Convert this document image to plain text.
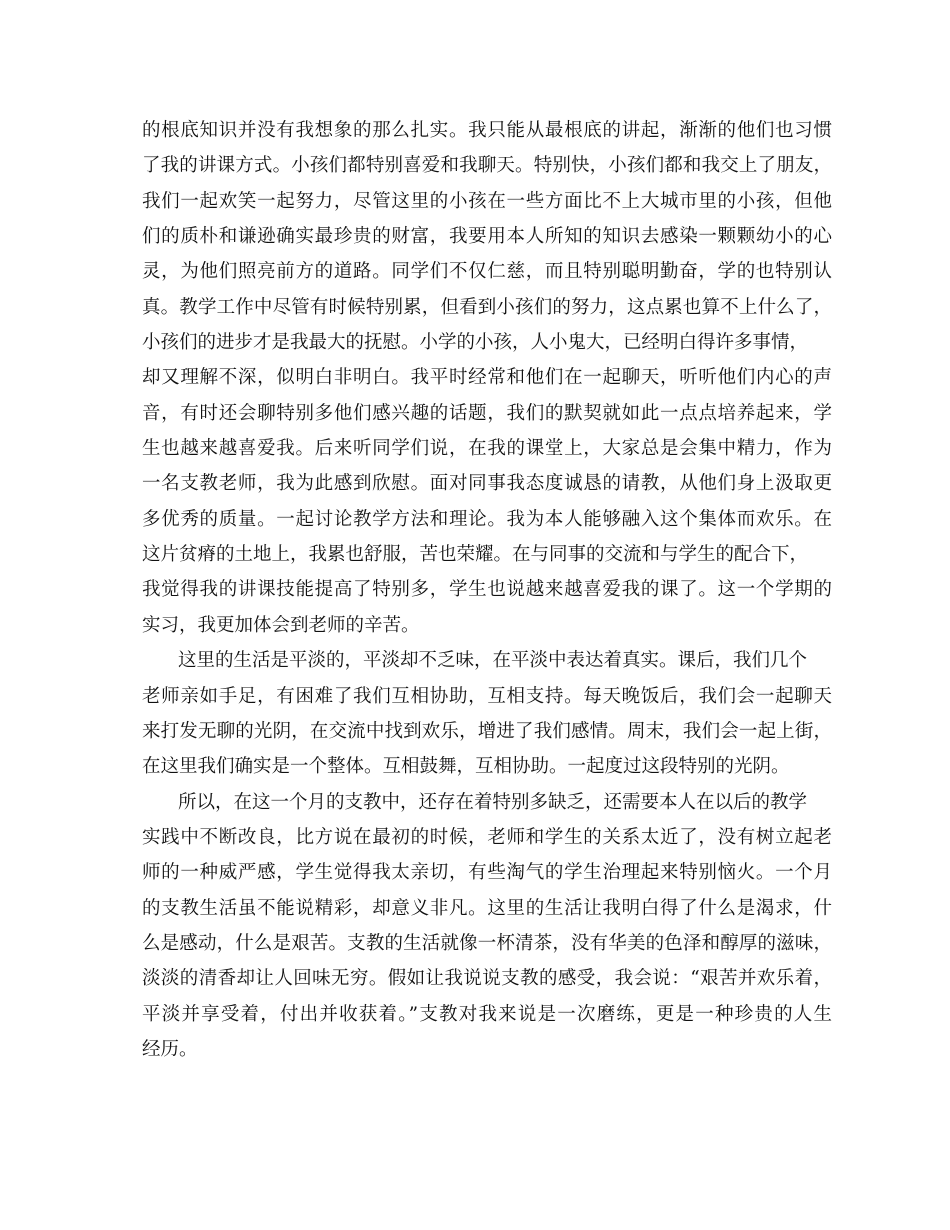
的根底知识并没有我想象的那么扎实。我只能从最根底的讲起，渐渐的他们也习惯
了我的讲课方式。小孩们都特别喜爱和我聊天。特别快，小孩们都和我交上了朋友，
我们一起欢笑一起努力，尽管这里的小孩在一些方面比不上大城市里的小孩，但他
们的质朴和谦逊确实最珍贵的财富，我要用本人所知的知识去感染一颗颗幼小的心
灵，为他们照亮前方的道路。同学们不仅仁慈，而且特别聪明勤奋，学的也特别认
真。教学工作中尽管有时候特别累，但看到小孩们的努力，这点累也算不上什么了，
小孩们的进步才是我最大的抚慰。小学的小孩，人小鬼大，已经明白得许多事情，
却又理解不深，似明白非明白。我平时经常和他们在一起聊天，听听他们内心的声
音，有时还会聊特别多他们感兴趣的话题，我们的默契就如此一点点培养起来，学
生也越来越喜爱我。后来听同学们说，在我的课堂上，大家总是会集中精力，作为
一名支教老师，我为此感到欣慰。面对同事我态度诚恳的请教，从他们身上汲取更
多优秀的质量。一起讨论教学方法和理论。我为本人能够融入这个集体而欢乐。在
这片贫瘠的土地上，我累也舒服，苦也荣耀。在与同事的交流和与学生的配合下，
我觉得我的讲课技能提高了特别多，学生也说越来越喜爱我的课了。这一个学期的
实习，我更加体会到老师的辛苦。
这里的生活是平淡的，平淡却不乏味，在平淡中表达着真实。课后，我们几个
老师亲如手足，有困难了我们互相协助，互相支持。每天晚饭后，我们会一起聊天
来打发无聊的光阴，在交流中找到欢乐，增进了我们感情。周末，我们会一起上街，
在这里我们确实是一个整体。互相鼓舞，互相协助。一起度过这段特别的光阴。
所以，在这一个月的支教中，还存在着特别多缺乏，还需要本人在以后的教学
实践中不断改良，比方说在最初的时候，老师和学生的关系太近了，没有树立起老
师的一种威严感，学生觉得我太亲切，有些淘气的学生治理起来特别恼火。一个月
的支教生活虽不能说精彩，却意义非凡。这里的生活让我明白得了什么是渴求，什
么是感动，什么是艰苦。支教的生活就像一杯清茶，没有华美的色泽和醇厚的滋味，
淡淡的清香却让人回味无穷。假如让我说说支教的感受，我会说：“艰苦并欢乐着，
平淡并享受着，付出并收获着。”支教对我来说是一次磨练，更是一种珍贵的人生
经历。
